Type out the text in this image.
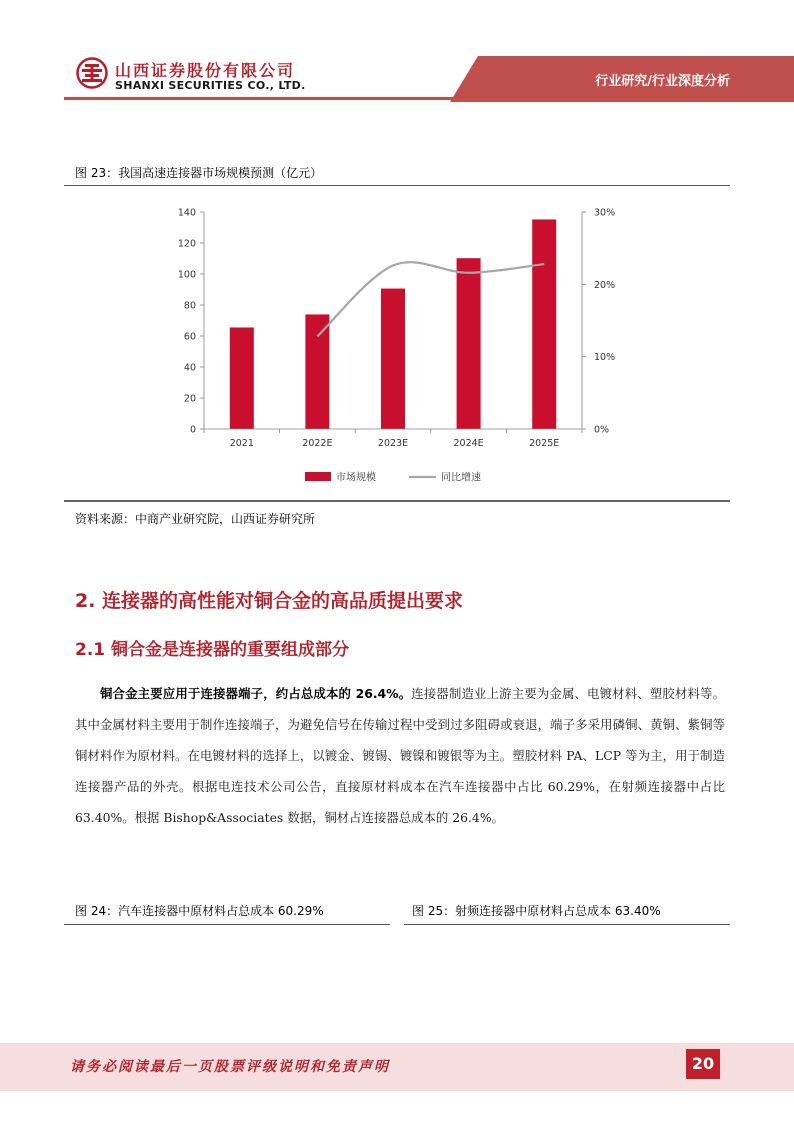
山西证券股份有限公司
SHANXI SECURITIES CO., LTD.	行业研究/行业深度分析
图 23：我国高速连接器市场规模预测（亿元）
0
20
40
60
80
100
120
140
0%
10%
20%
30%
2021	2022E	2023E	2024E	2025E
市场规模	同比增速
资料来源：中商产业研究院，山西证券研究所
2. 连接器的高性能对铜合金的高品质提出要求
2.1 铜合金是连接器的重要组成部分
铜合金主要应用于连接器端子，约占总成本的 26.4%。连接器制造业上游主要为金属、电镀材料、塑胶材料等。其中金属材料主要用于制作连接端子，为避免信号在传输过程中受到过多阻碍或衰退，端子多采用磷铜、黄铜、紫铜等铜材料作为原材料。在电镀材料的选择上，以镀金、镀锡、镀镍和镀银等为主。塑胶材料 PA、LCP 等为主，用于制造连接器产品的外壳。根据电连技术公司公告，直接原材料成本在汽车连接器中占比 60.29%，在射频连接器中占比 63.40%。根据 Bishop&Associates 数据，铜材占连接器总成本的 26.4%。
图 24：汽车连接器中原材料占总成本 60.29%	图 25：射频连接器中原材料占总成本 63.40%
请务必阅读最后一页股票评级说明和免责声明	20
